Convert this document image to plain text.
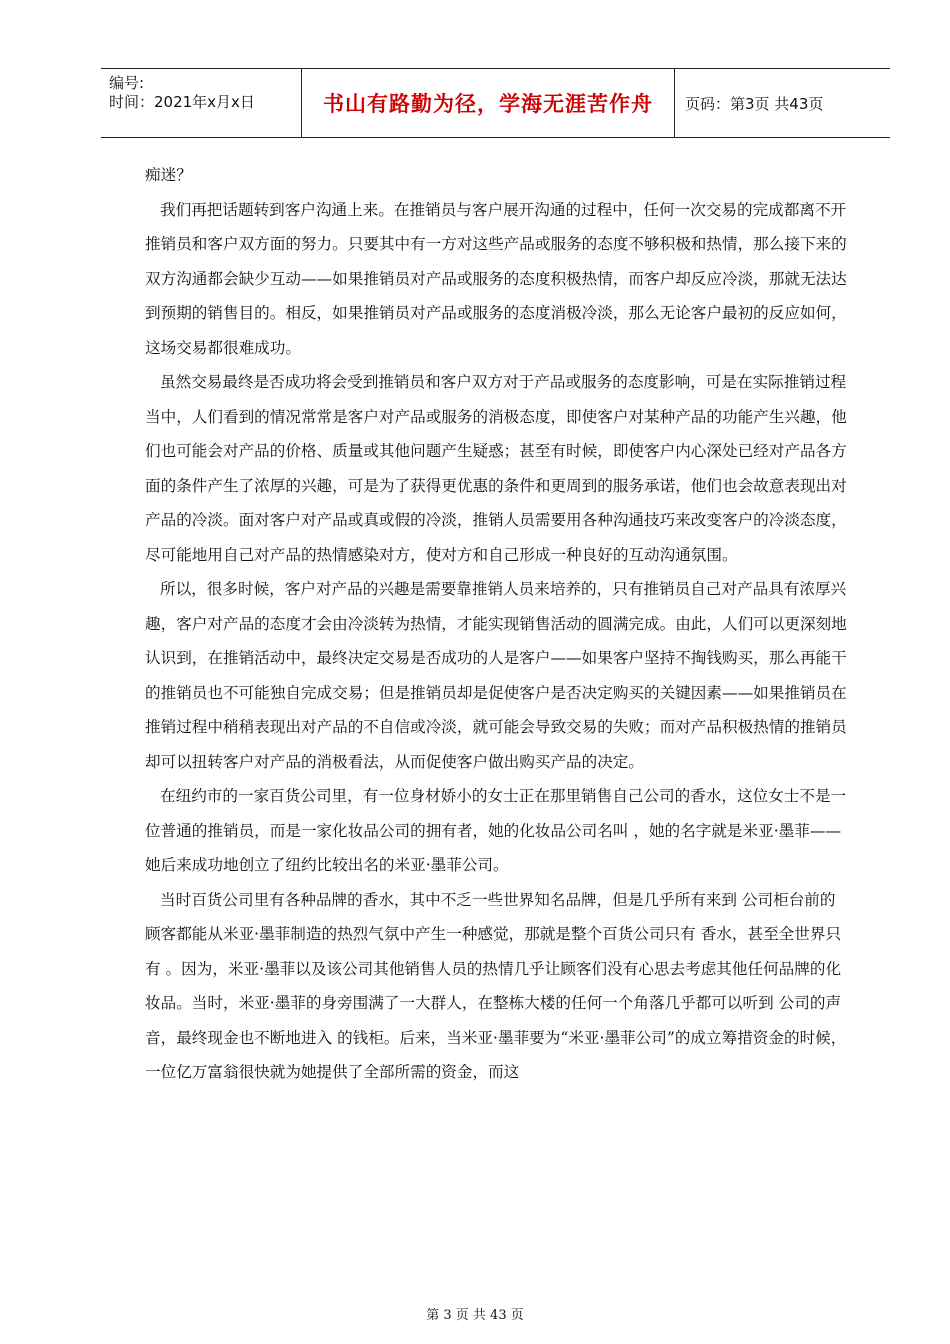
编号:
时间：2021年x月x日	书山有路勤为径，学海无涯苦作舟	页码：第3页 共43页

痴迷？

我们再把话题转到客户沟通上来。在推销员与客户展开沟通的过程中，任何一次交易的完成都离不开推销员和客户双方面的努力。只要其中有一方对这些产品或服务的态度不够积极和热情，那么接下来的双方沟通都会缺少互动——如果推销员对产品或服务的态度积极热情，而客户却反应冷淡，那就无法达到预期的销售目的。相反，如果推销员对产品或服务的态度消极冷淡，那么无论客户最初的反应如何，这场交易都很难成功。

虽然交易最终是否成功将会受到推销员和客户双方对于产品或服务的态度影响，可是在实际推销过程当中，人们看到的情况常常是客户对产品或服务的消极态度，即使客户对某种产品的功能产生兴趣，他们也可能会对产品的价格、质量或其他问题产生疑惑；甚至有时候，即使客户内心深处已经对产品各方面的条件产生了浓厚的兴趣，可是为了获得更优惠的条件和更周到的服务承诺，他们也会故意表现出对产品的冷淡。面对客户对产品或真或假的冷淡，推销人员需要用各种沟通技巧来改变客户的冷淡态度，尽可能地用自己对产品的热情感染对方，使对方和自己形成一种良好的互动沟通氛围。

所以，很多时候，客户对产品的兴趣是需要靠推销人员来培养的，只有推销员自己对产品具有浓厚兴趣，客户对产品的态度才会由冷淡转为热情，才能实现销售活动的圆满完成。由此，人们可以更深刻地认识到，在推销活动中，最终决定交易是否成功的人是客户——如果客户坚持不掏钱购买，那么再能干的推销员也不可能独自完成交易；但是推销员却是促使客户是否决定购买的关键因素——如果推销员在推销过程中稍稍表现出对产品的不自信或冷淡，就可能会导致交易的失败；而对产品积极热情的推销员却可以扭转客户对产品的消极看法，从而促使客户做出购买产品的决定。

在纽约市的一家百货公司里，有一位身材娇小的女士正在那里销售自己公司的香水，这位女士不是一位普通的推销员，而是一家化妆品公司的拥有者，她的化妆品公司名叫 ，她的名字就是米亚·墨菲——她后来成功地创立了纽约比较出名的米亚·墨菲公司。

当时百货公司里有各种品牌的香水，其中不乏一些世界知名品牌，但是几乎所有来到 公司柜台前的顾客都能从米亚·墨菲制造的热烈气氛中产生一种感觉，那就是整个百货公司只有 香水，甚至全世界只有 。因为，米亚·墨菲以及该公司其他销售人员的热情几乎让顾客们没有心思去考虑其他任何品牌的化妆品。当时，米亚·墨菲的身旁围满了一大群人，在整栋大楼的任何一个角落几乎都可以听到 公司的声音，最终现金也不断地进入 的钱柜。后来，当米亚·墨菲要为“米亚·墨菲公司”的成立筹措资金的时候，一位亿万富翁很快就为她提供了全部所需的资金，而这

第 3 页 共 43 页
